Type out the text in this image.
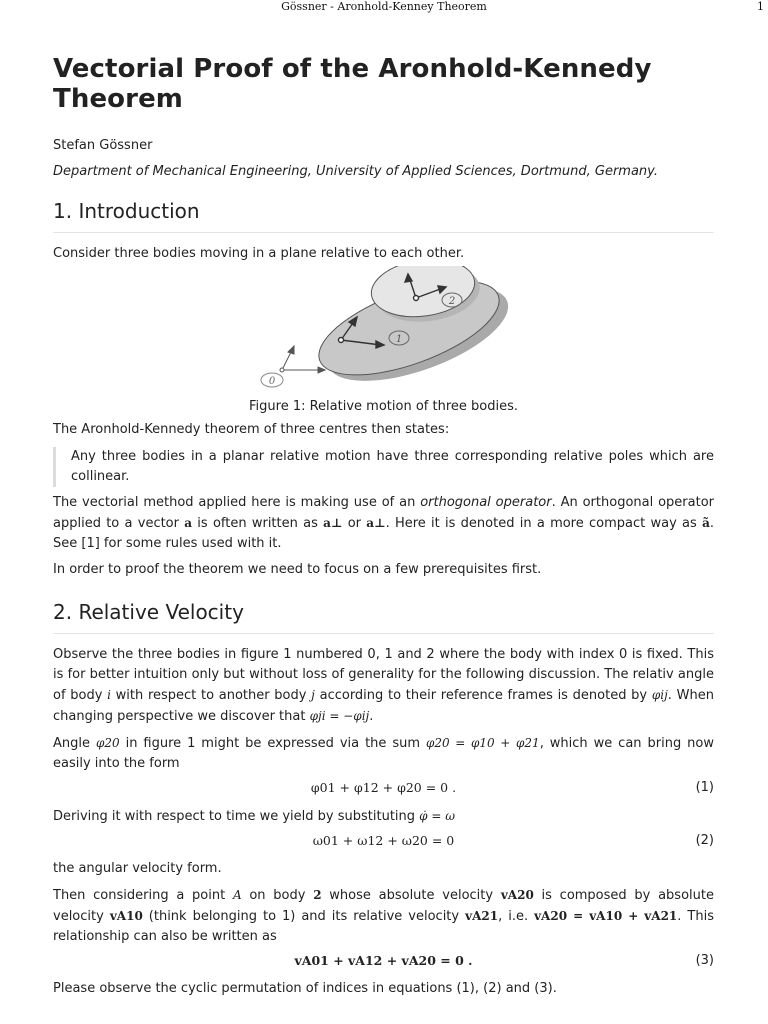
Gössner - Aronhold-Kenney Theorem	1
Vectorial Proof of the Aronhold-Kennedy Theorem
Stefan Gössner
Department of Mechanical Engineering, University of Applied Sciences, Dortmund, Germany.
1. Introduction

Consider three bodies moving in a plane relative to each other.

0
1
2
Figure 1: Relative motion of three bodies.

The Aronhold-Kennedy theorem of three centres then states:

Any three bodies in a planar relative motion have three corresponding relative poles which are collinear.

The vectorial method applied here is making use of an orthogonal operator. An orthogonal operator applied to a vector a is often written as a⊥ or a⊥. Here it is denoted in a more compact way as ã. See [1] for some rules used with it.

In order to proof the theorem we need to focus on a few prerequisites first.

2. Relative Velocity

Observe the three bodies in figure 1 numbered 0, 1 and 2 where the body with index 0 is fixed. This is for better intuition only but without loss of generality for the following discussion. The relativ angle of body i with respect to another body j according to their reference frames is denoted by φij. When changing perspective we discover that φji = −φij.

Angle φ20 in figure 1 might be expressed via the sum φ20 = φ10 + φ21, which we can bring now easily into the form

φ01 + φ12 + φ20 = 0 .	(1)

Deriving it with respect to time we yield by substituting φ̇ = ω

ω01 + ω12 + ω20 = 0	(2)

the angular velocity form.

Then considering a point A on body 2 whose absolute velocity vA20 is composed by absolute velocity vA10 (think belonging to 1) and its relative velocity vA21, i.e. vA20 = vA10 + vA21. This relationship can also be written as

vA01 + vA12 + vA20 = 0 .	(3)

Please observe the cyclic permutation of indices in equations (1), (2) and (3).
